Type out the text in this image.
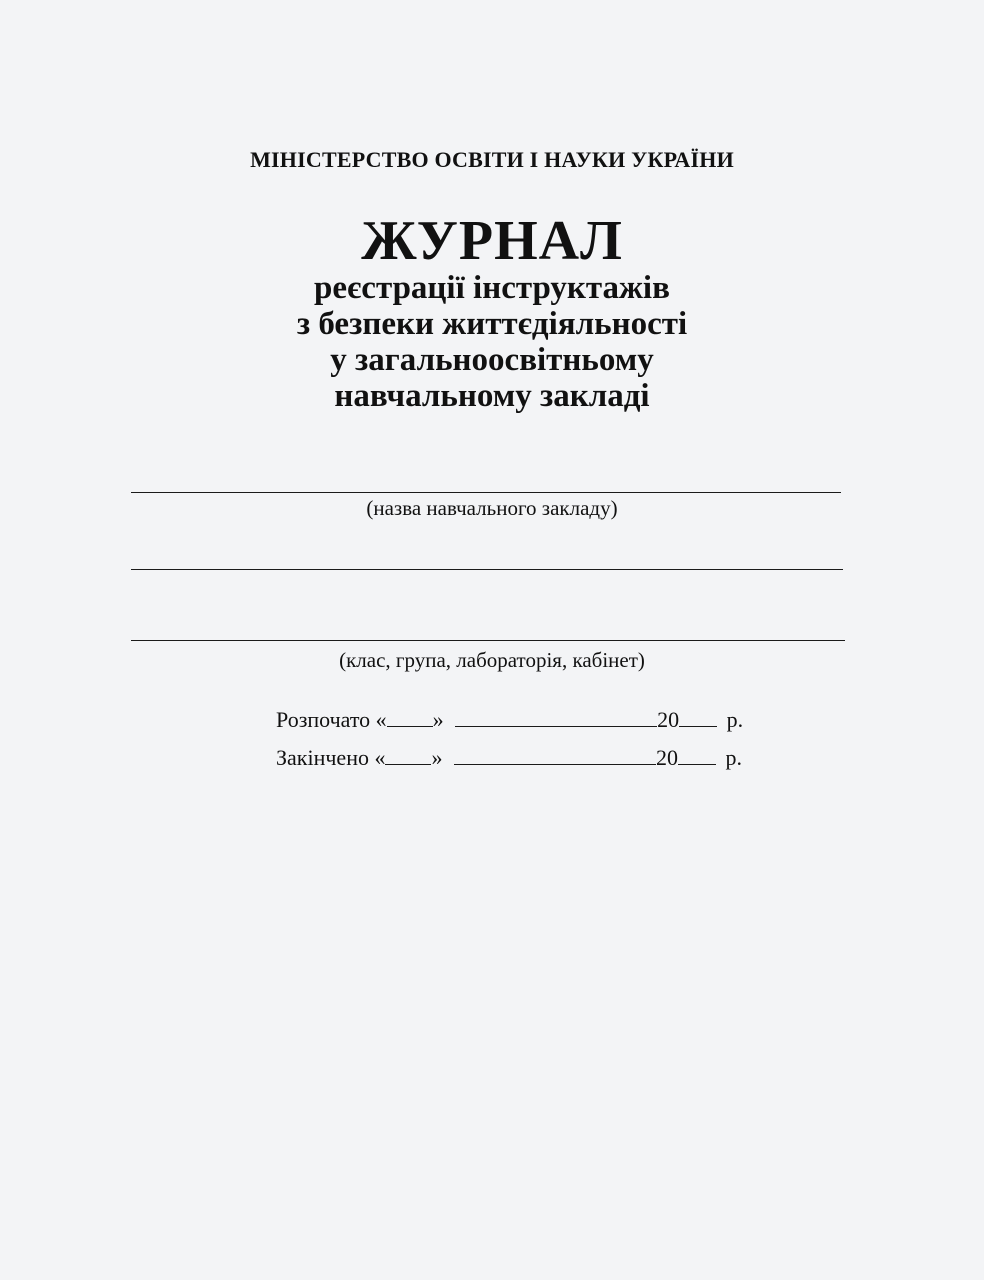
МІНІСТЕРСТВО ОСВІТИ І НАУКИ УКРАЇНИ
ЖУРНАЛ
реєстрації інструктажів
з безпеки життєдіяльності
у загальноосвітньому
навчальному закладі
(назва навчального закладу)
(клас, група, лабораторія, кабінет)
Розпочато « »	20 р.
Закінчено « »	20 р.
